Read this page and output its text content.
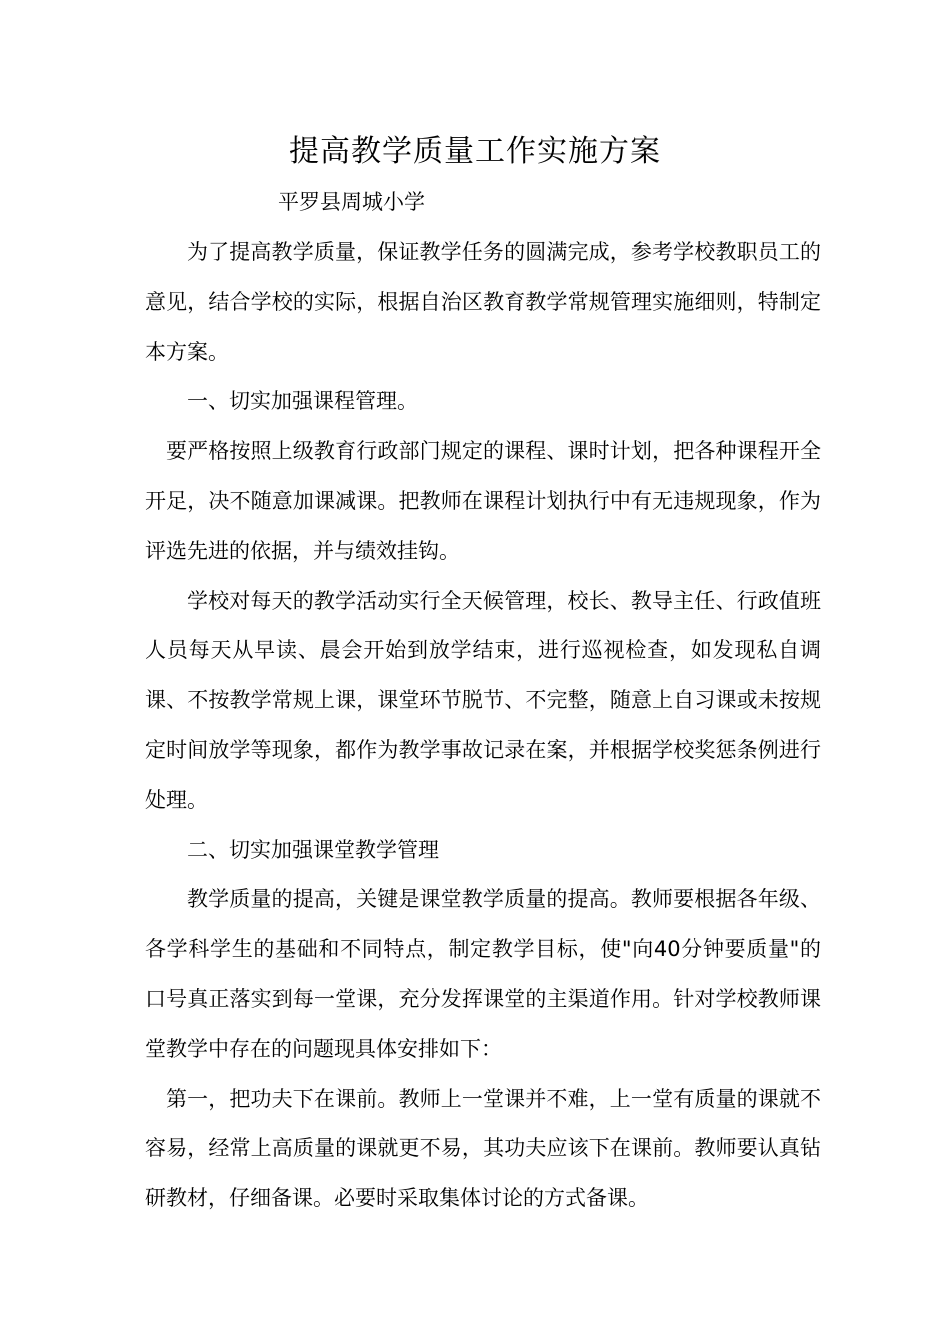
提高教学质量工作实施方案
平罗县周城小学

为了提高教学质量，保证教学任务的圆满完成，参考学校教职员工的意见，结合学校的实际，根据自治区教育教学常规管理实施细则，特制定本方案。

一、切实加强课程管理。

要严格按照上级教育行政部门规定的课程、课时计划，把各种课程开全开足，决不随意加课减课。把教师在课程计划执行中有无违规现象，作为评选先进的依据，并与绩效挂钩。

学校对每天的教学活动实行全天候管理，校长、教导主任、行政值班人员每天从早读、晨会开始到放学结束，进行巡视检查，如发现私自调课、不按教学常规上课，课堂环节脱节、不完整，随意上自习课或未按规定时间放学等现象，都作为教学事故记录在案，并根据学校奖惩条例进行处理。

二、切实加强课堂教学管理

教学质量的提高，关键是课堂教学质量的提高。教师要根据各年级、各学科学生的基础和不同特点，制定教学目标，使"向40分钟要质量"的口号真正落实到每一堂课，充分发挥课堂的主渠道作用。针对学校教师课堂教学中存在的问题现具体安排如下：

第一，把功夫下在课前。教师上一堂课并不难，上一堂有质量的课就不容易，经常上高质量的课就更不易，其功夫应该下在课前。教师要认真钻研教材，仔细备课。必要时采取集体讨论的方式备课。
